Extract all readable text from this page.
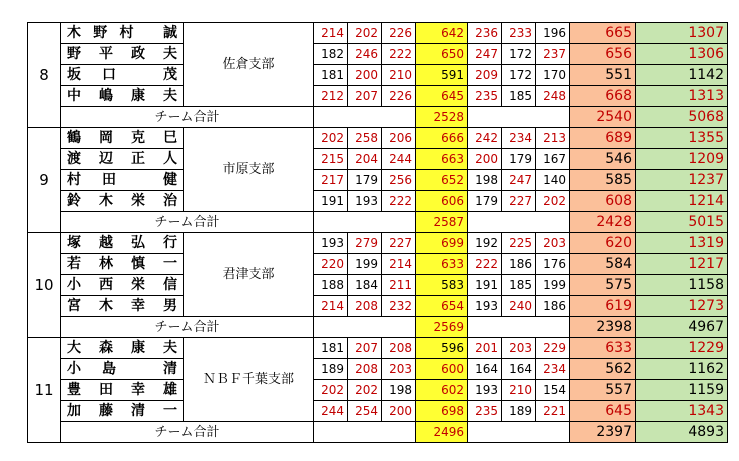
8	木野村 誠	佐倉支部	214	202	226	642	236	233	196	665	1307

	野平政夫		182	246	222	650	247	172	237	656	1306

	坂口 茂		181	200	210	591	209	172	170	551	1142

	中嶋康夫		212	207	226	645	235	185	248	668	1313
	チーム合計					2528				2540	5068
9	鶴岡克巳	市原支部	202	258	206	666	242	234	213	689	1355

	渡辺正人		215	204	244	663	200	179	167	546	1209

	村田 健		217	179	256	652	198	247	140	585	1237

	鈴木栄治		191	193	222	606	179	227	202	608	1214
	チーム合計					2587				2428	5015
10	塚越弘行	君津支部	193	279	227	699	192	225	203	620	1319

	若林慎一		220	199	214	633	222	186	176	584	1217

	小西栄信		188	184	211	583	191	185	199	575	1158

	宮木幸男		214	208	232	654	193	240	186	619	1273
	チーム合計					2569				2398	4967
11	大森康夫	ＮＢＦ千葉支部	181	207	208	596	201	203	229	633	1229

	小島 清		189	208	203	600	164	164	234	562	1162

	豊田幸雄		202	202	198	602	193	210	154	557	1159

	加藤清一		244	254	200	698	235	189	221	645	1343
	チーム合計					2496				2397	4893
